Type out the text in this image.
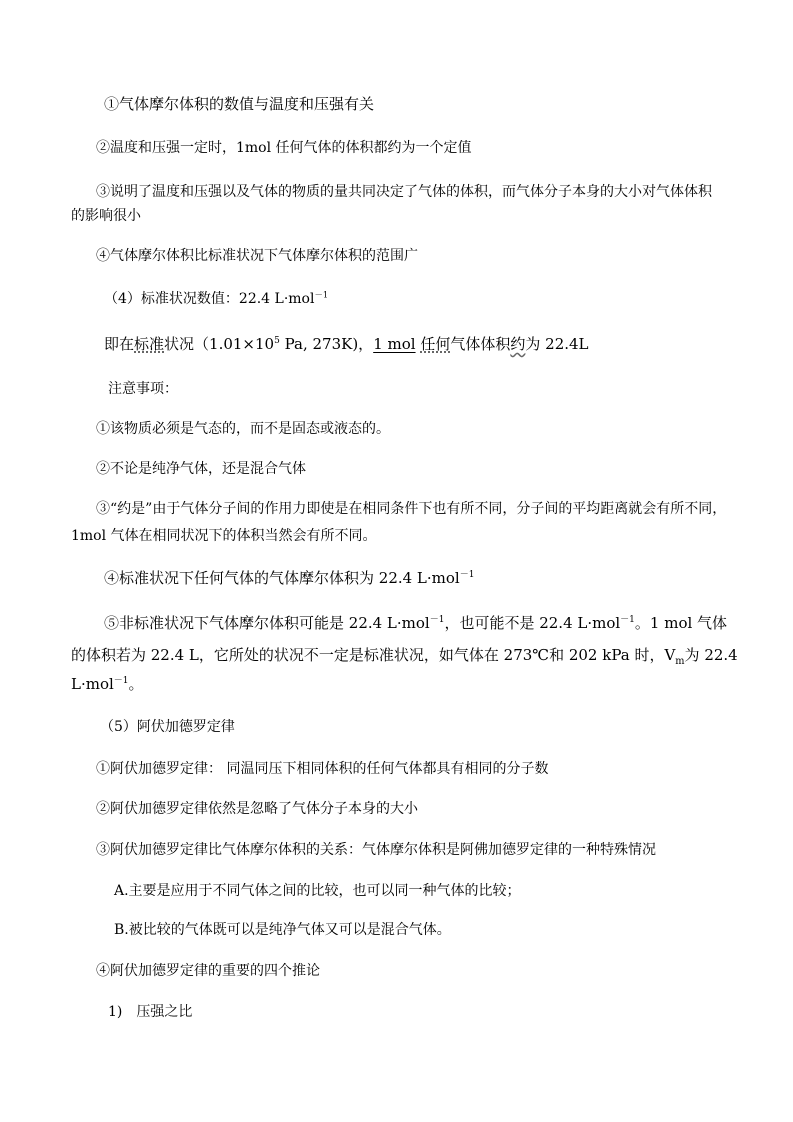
①气体摩尔体积的数值与温度和压强有关
②温度和压强一定时，1mol 任何气体的体积都约为一个定值
③说明了温度和压强以及气体的物质的量共同决定了气体的体积，而气体分子本身的大小对气体体积
的影响很小
④气体摩尔体积比标准状况下气体摩尔体积的范围广
（4）标准状况数值：22.4 L·mol$^{-1}$
即在标准状况（$1.01\times 10^5$ Pa, 273K)，1 mol 任何气体体积约为 22.4L
注意事项：
①该物质必须是气态的，而不是固态或液态的。
②不论是纯净气体，还是混合气体
③“约是”由于气体分子间的作用力即使是在相同条件下也有所不同，分子间的平均距离就会有所不同，
1mol 气体在相同状况下的体积当然会有所不同。
④标准状况下任何气体的气体摩尔体积为 22.4 L·mol$^{-1}$
⑤非标准状况下气体摩尔体积可能是 22.4 L·mol$^{-1}$，也可能不是 22.4 L·mol$^{-1}$。1 mol 气体
的体积若为 22.4 L，它所处的状况不一定是标准状况，如气体在 273℃和 202 kPa 时，$V_m$为 22.4
L·mol$^{-1}$。
（5）阿伏加德罗定律
①阿伏加德罗定律： 同温同压下相同体积的任何气体都具有相同的分子数
②阿伏加德罗定律依然是忽略了气体分子本身的大小
③阿伏加德罗定律比气体摩尔体积的关系：气体摩尔体积是阿佛加德罗定律的一种特殊情况
A.主要是应用于不同气体之间的比较，也可以同一种气体的比较；
B.被比较的气体既可以是纯净气体又可以是混合气体。
④阿伏加德罗定律的重要的四个推论
1) 压强之比
